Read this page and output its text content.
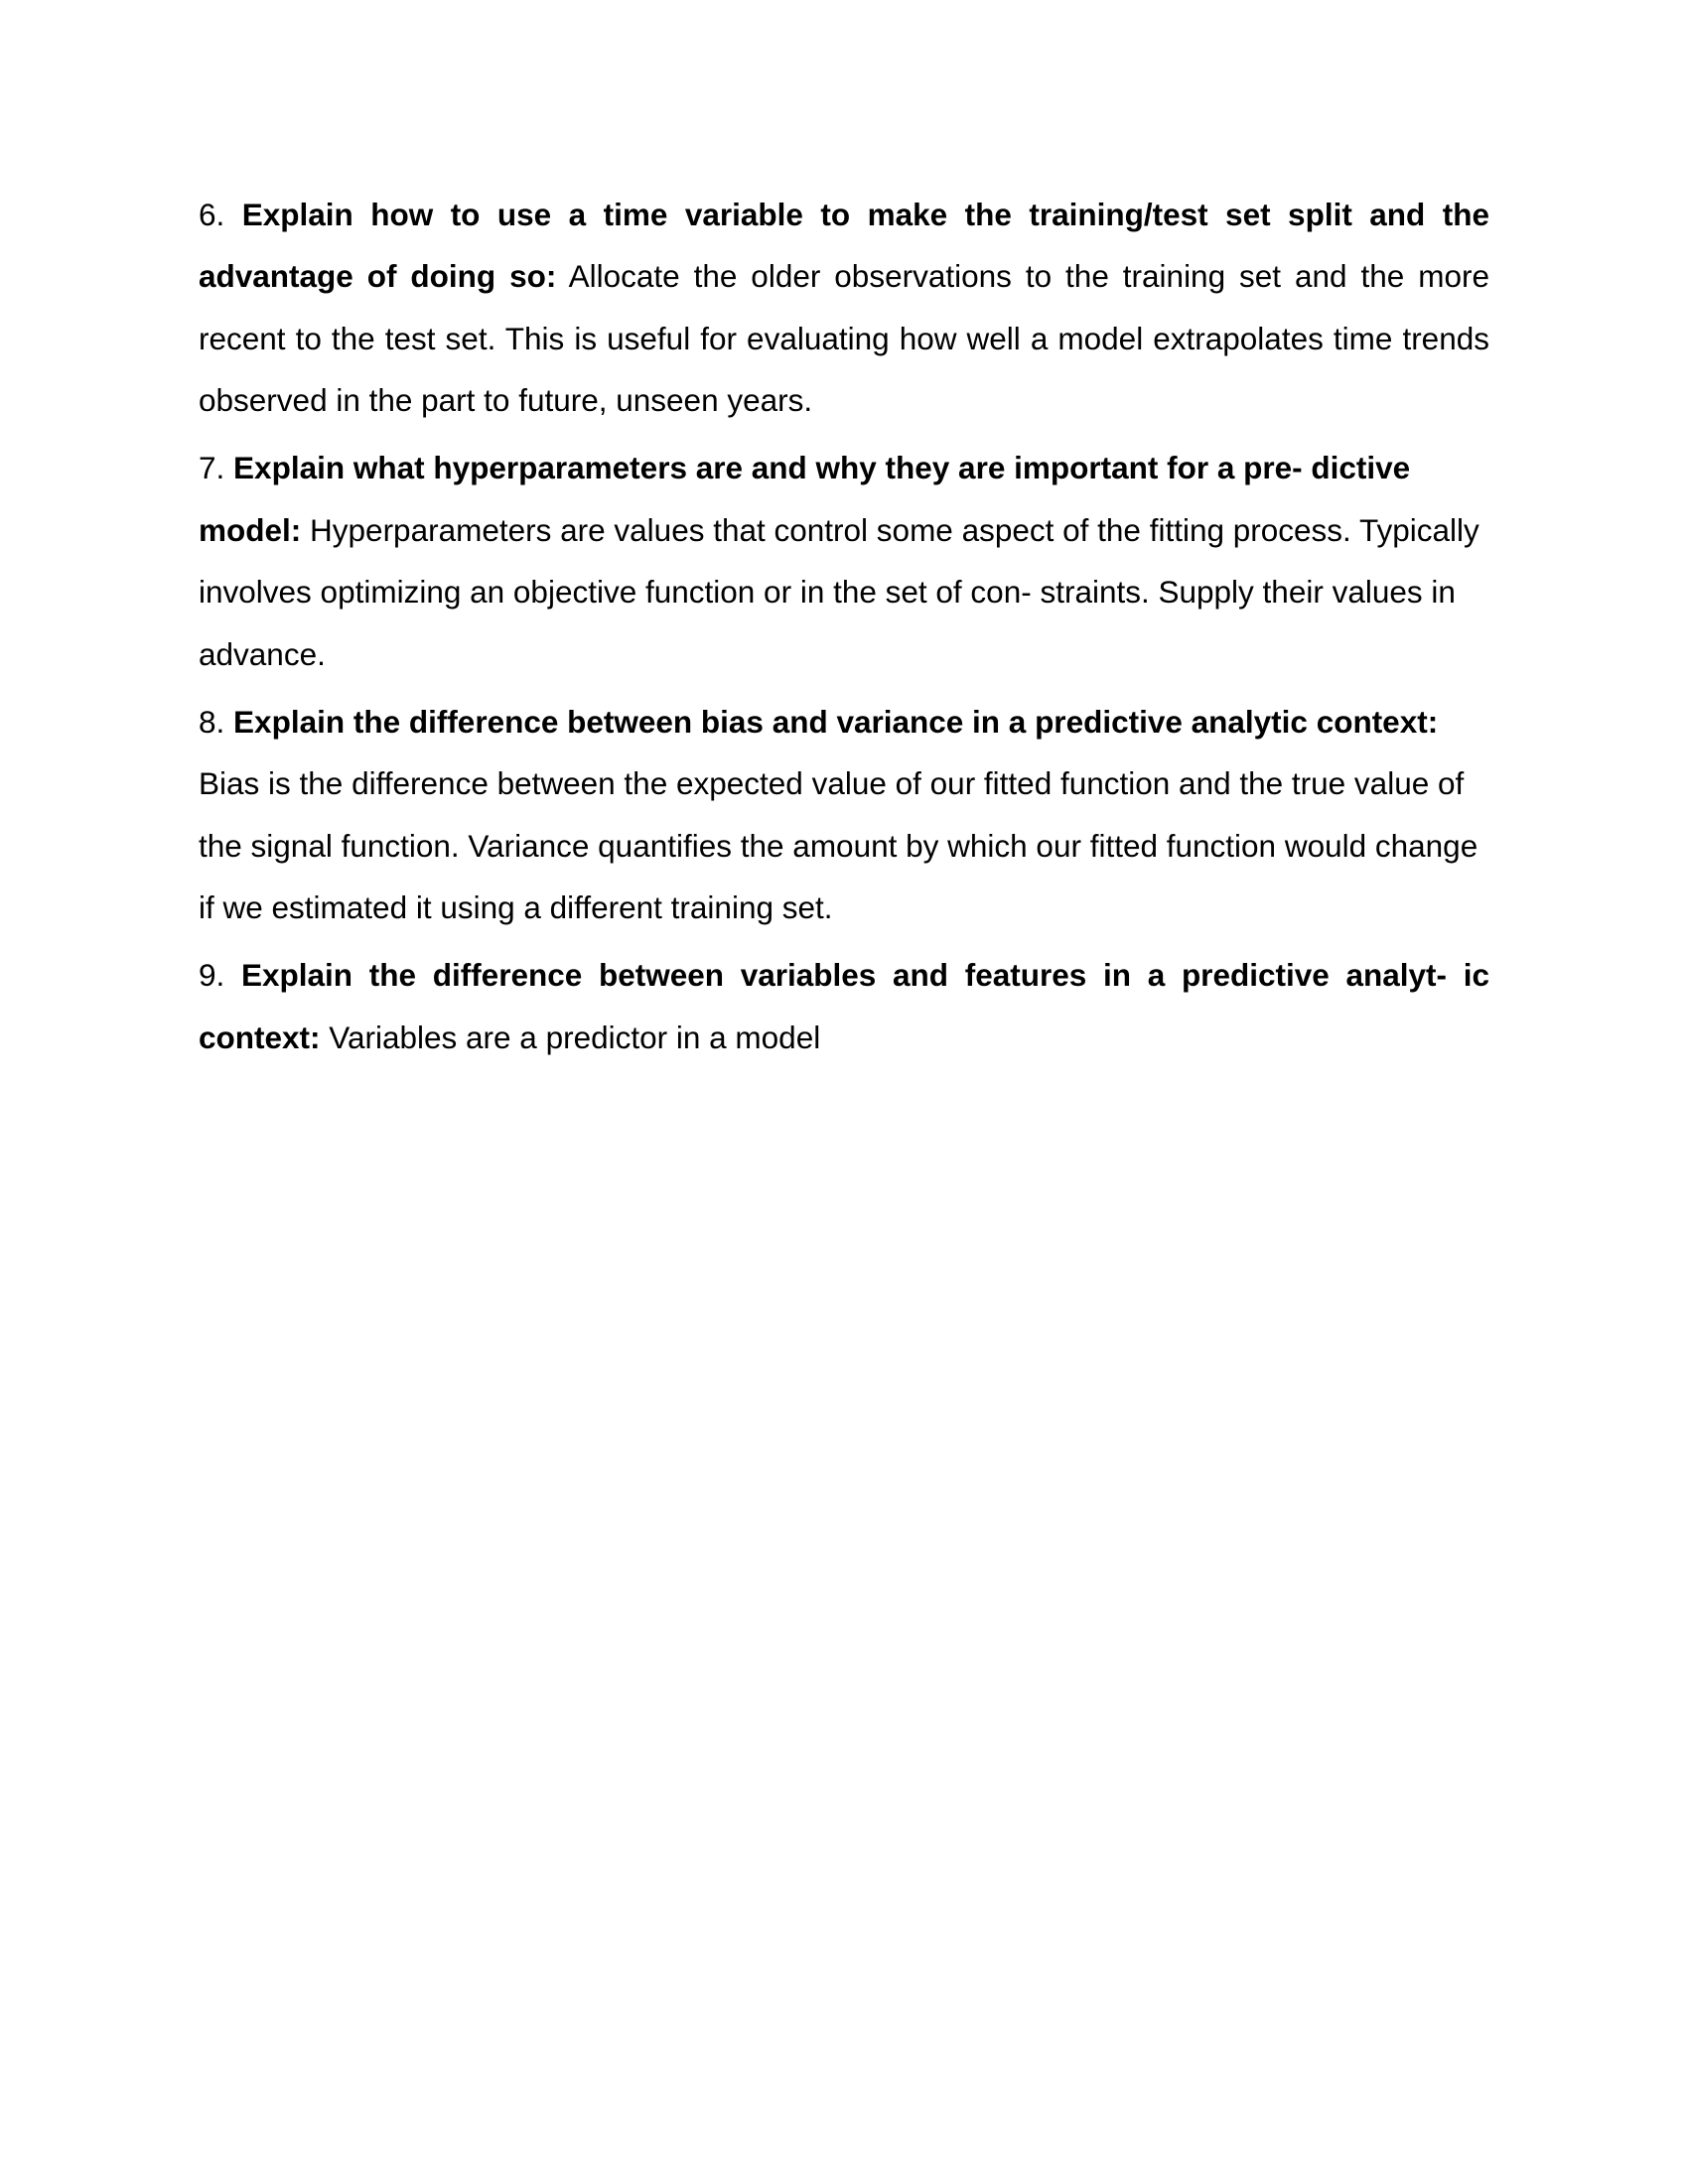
6. Explain how to use a time variable to make the training/test set split and the advantage of doing so: Allocate the older observations to the training set and the more recent to the test set. This is useful for evaluating how well a model extrapolates time trends observed in the part to future, unseen years.

7. Explain what hyperparameters are and why they are important for a pre- dictive model: Hyperparameters are values that control some aspect of the fitting process. Typically involves optimizing an objective function or in the set of con- straints. Supply their values in advance.

8. Explain the difference between bias and variance in a predictive analytic context: Bias is the difference between the expected value of our fitted function and the true value of the signal function. Variance quantifies the amount by which our fitted function would change if we estimated it using a different training set.

9. Explain the difference between variables and features in a predictive analyt- ic context: Variables are a predictor in a model
